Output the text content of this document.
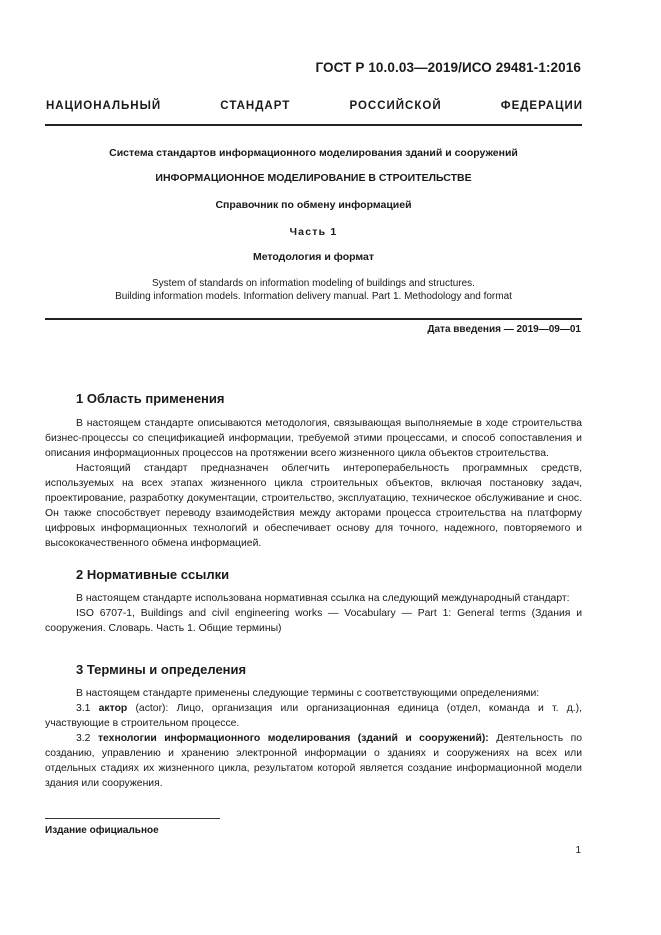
ГОСТ Р 10.0.03—2019/ИСО 29481-1:2016
НАЦИОНАЛЬНЫЙ СТАНДАРТ РОССИЙСКОЙ ФЕДЕРАЦИИ
Система стандартов информационного моделирования зданий и сооружений
ИНФОРМАЦИОННОЕ МОДЕЛИРОВАНИЕ В СТРОИТЕЛЬСТВЕ
Справочник по обмену информацией
Часть 1
Методология и формат
System of standards on information modeling of buildings and structures.
Building information models. Information delivery manual. Part 1. Methodology and format
Дата введения — 2019—09—01
1 Область применения

В настоящем стандарте описываются методология, связывающая выполняемые в ходе строительства бизнес-процессы со спецификацией информации, требуемой этими процессами, и способ сопоставления и описания информационных процессов на протяжении всего жизненного цикла объектов строительства.

Настоящий стандарт предназначен облегчить интероперабельность программных средств, используемых на всех этапах жизненного цикла строительных объектов, включая постановку задач, проектирование, разработку документации, строительство, эксплуатацию, техническое обслуживание и снос. Он также способствует переводу взаимодействия между акторами процесса строительства на платформу цифровых информационных технологий и обеспечивает основу для точного, надежного, повторяемого и высококачественного обмена информацией.

2 Нормативные ссылки

В настоящем стандарте использована нормативная ссылка на следующий международный стандарт:

ISO 6707-1, Buildings and civil engineering works — Vocabulary — Part 1: General terms (Здания и сооружения. Словарь. Часть 1. Общие термины)

3 Термины и определения

В настоящем стандарте применены следующие термины с соответствующими определениями:

3.1 актор (actor): Лицо, организация или организационная единица (отдел, команда и т. д.), участвующие в строительном процессе.

3.2 технологии информационного моделирования (зданий и сооружений): Деятельность по созданию, управлению и хранению электронной информации о зданиях и сооружениях на всех или отдельных стадиях их жизненного цикла, результатом которой является создание информационной модели здания или сооружения.

Издание официальное
1
